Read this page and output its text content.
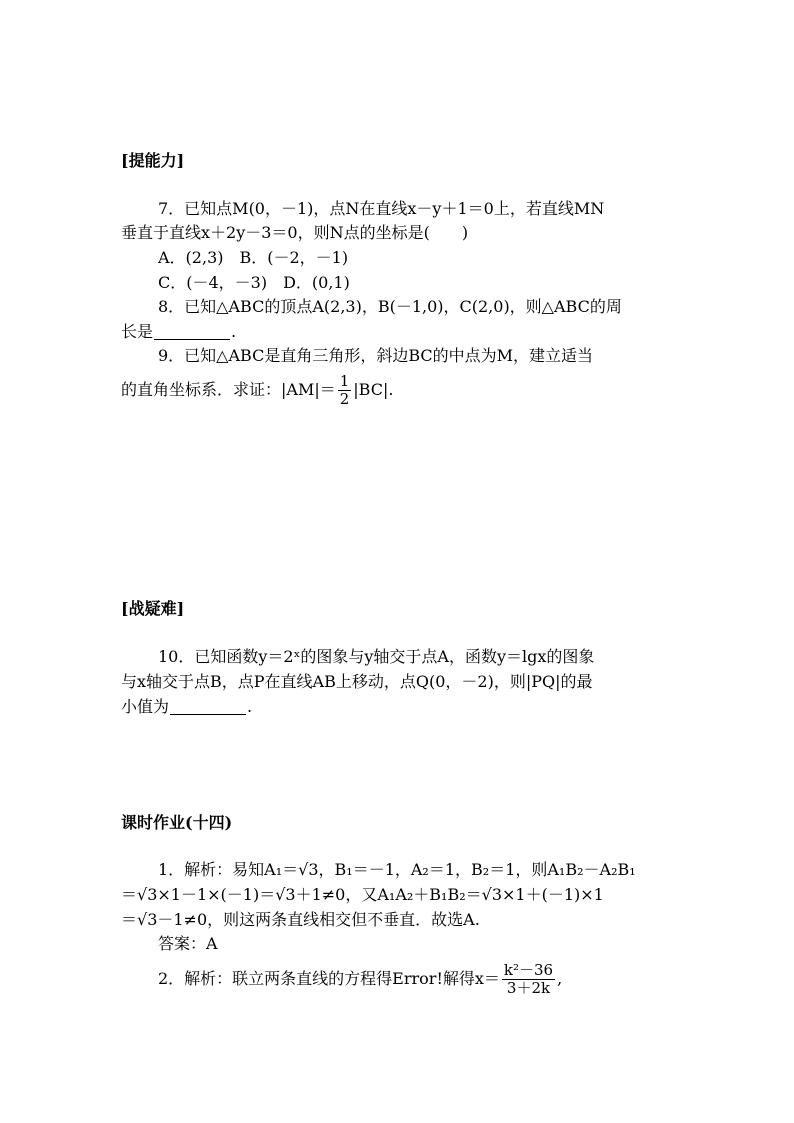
[提能力]
7．已知点M(0，－1)，点N在直线x－y＋1＝0上，若直线MN
垂直于直线x＋2y－3＝0，则N点的坐标是(　　)
A．(2,3)　B．(－2，－1)
C．(－4，－3)　D．(0,1)
8．已知△ABC的顶点A(2,3)，B(－1,0)，C(2,0)，则△ABC的周
长是	.
9．已知△ABC是直角三角形，斜边BC的中点为M，建立适当
的直角坐标系．求证：$|AM|= \frac{1}{2} |BC|$.
[战疑难]
10．已知函数y＝2ˣ的图象与y轴交于点A，函数y＝lgx的图象
与x轴交于点B，点P在直线AB上移动，点Q(0，－2)，则|PQ|的最
小值为	.
课时作业(十四)
1．解析：易知A₁＝√3，B₁＝－1，A₂＝1，B₂＝1，则A₁B₂－A₂B₁
＝√3×1－1×(－1)＝√3＋1≠0，又A₁A₂＋B₁B₂＝√3×1＋(－1)×1
＝√3－1≠0，则这两条直线相交但不垂直．故选A.
答案：A
2．解析：联立两条直线的方程得Error!解得$x= \frac{\text{k²－36}}{3+2k}$ ,
